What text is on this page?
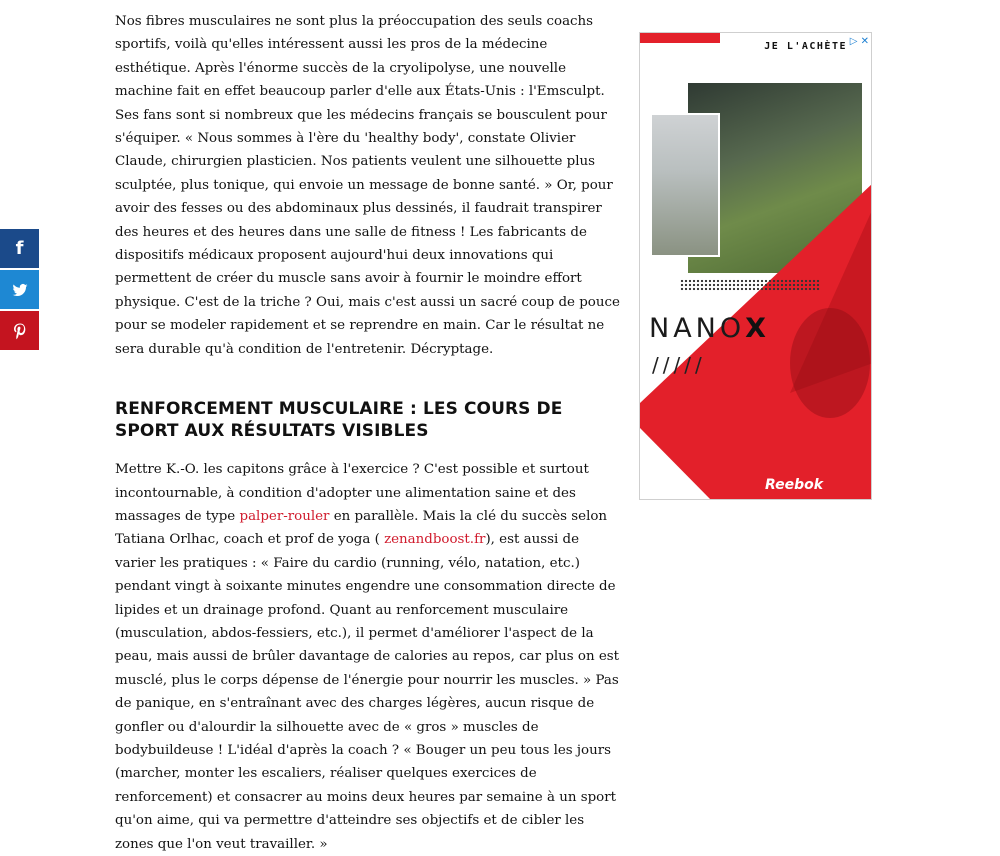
f

Nos fibres musculaires ne sont plus la préoccupation des seuls coachs sportifs, voilà qu'elles intéressent aussi les pros de la médecine esthétique. Après l'énorme succès de la cryolipolyse, une nouvelle machine fait en effet beaucoup parler d'elle aux États-Unis : l'Emsculpt. Ses fans sont si nombreux que les médecins français se bousculent pour s'équiper. « Nous sommes à l'ère du 'healthy body', constate Olivier Claude, chirurgien plasticien. Nos patients veulent une silhouette plus sculptée, plus tonique, qui envoie un message de bonne santé. » Or, pour avoir des fesses ou des abdominaux plus dessinés, il faudrait transpirer des heures et des heures dans une salle de fitness ! Les fabricants de dispositifs médicaux proposent aujourd'hui deux innovations qui permettent de créer du muscle sans avoir à fournir le moindre effort physique. C'est de la triche ? Oui, mais c'est aussi un sacré coup de pouce pour se modeler rapidement et se reprendre en main. Car le résultat ne sera durable qu'à condition de l'entretenir. Décryptage.

RENFORCEMENT MUSCULAIRE : LES COURS DE SPORT AUX RÉSULTATS VISIBLES

Mettre K.-O. les capitons grâce à l'exercice ? C'est possible et surtout incontournable, à condition d'adopter une alimentation saine et des massages de type palper-rouler en parallèle. Mais la clé du succès selon Tatiana Orlhac, coach et prof de yoga ( zenandboost.fr), est aussi de varier les pratiques : « Faire du cardio (running, vélo, natation, etc.) pendant vingt à soixante minutes engendre une consommation directe de lipides et un drainage profond. Quant au renforcement musculaire (musculation, abdos-fessiers, etc.), il permet d'améliorer l'aspect de la peau, mais aussi de brûler davantage de calories au repos, car plus on est musclé, plus le corps dépense de l'énergie pour nourrir les muscles. » Pas de panique, en s'entraînant avec des charges légères, aucun risque de gonfler ou d'alourdir la silhouette avec de « gros » muscles de bodybuildeuse ! L'idéal d'après la coach ? « Bouger un peu tous les jours (marcher, monter les escaliers, réaliser quelques exercices de renforcement) et consacrer au moins deux heures par semaine à un sport qu'on aime, qui va permettre d'atteindre ses objectifs et de cibler les zones que l'on veut travailler. »

JE L'ACHÈTE ▷ ✕
NANOX
/////
Reebok
